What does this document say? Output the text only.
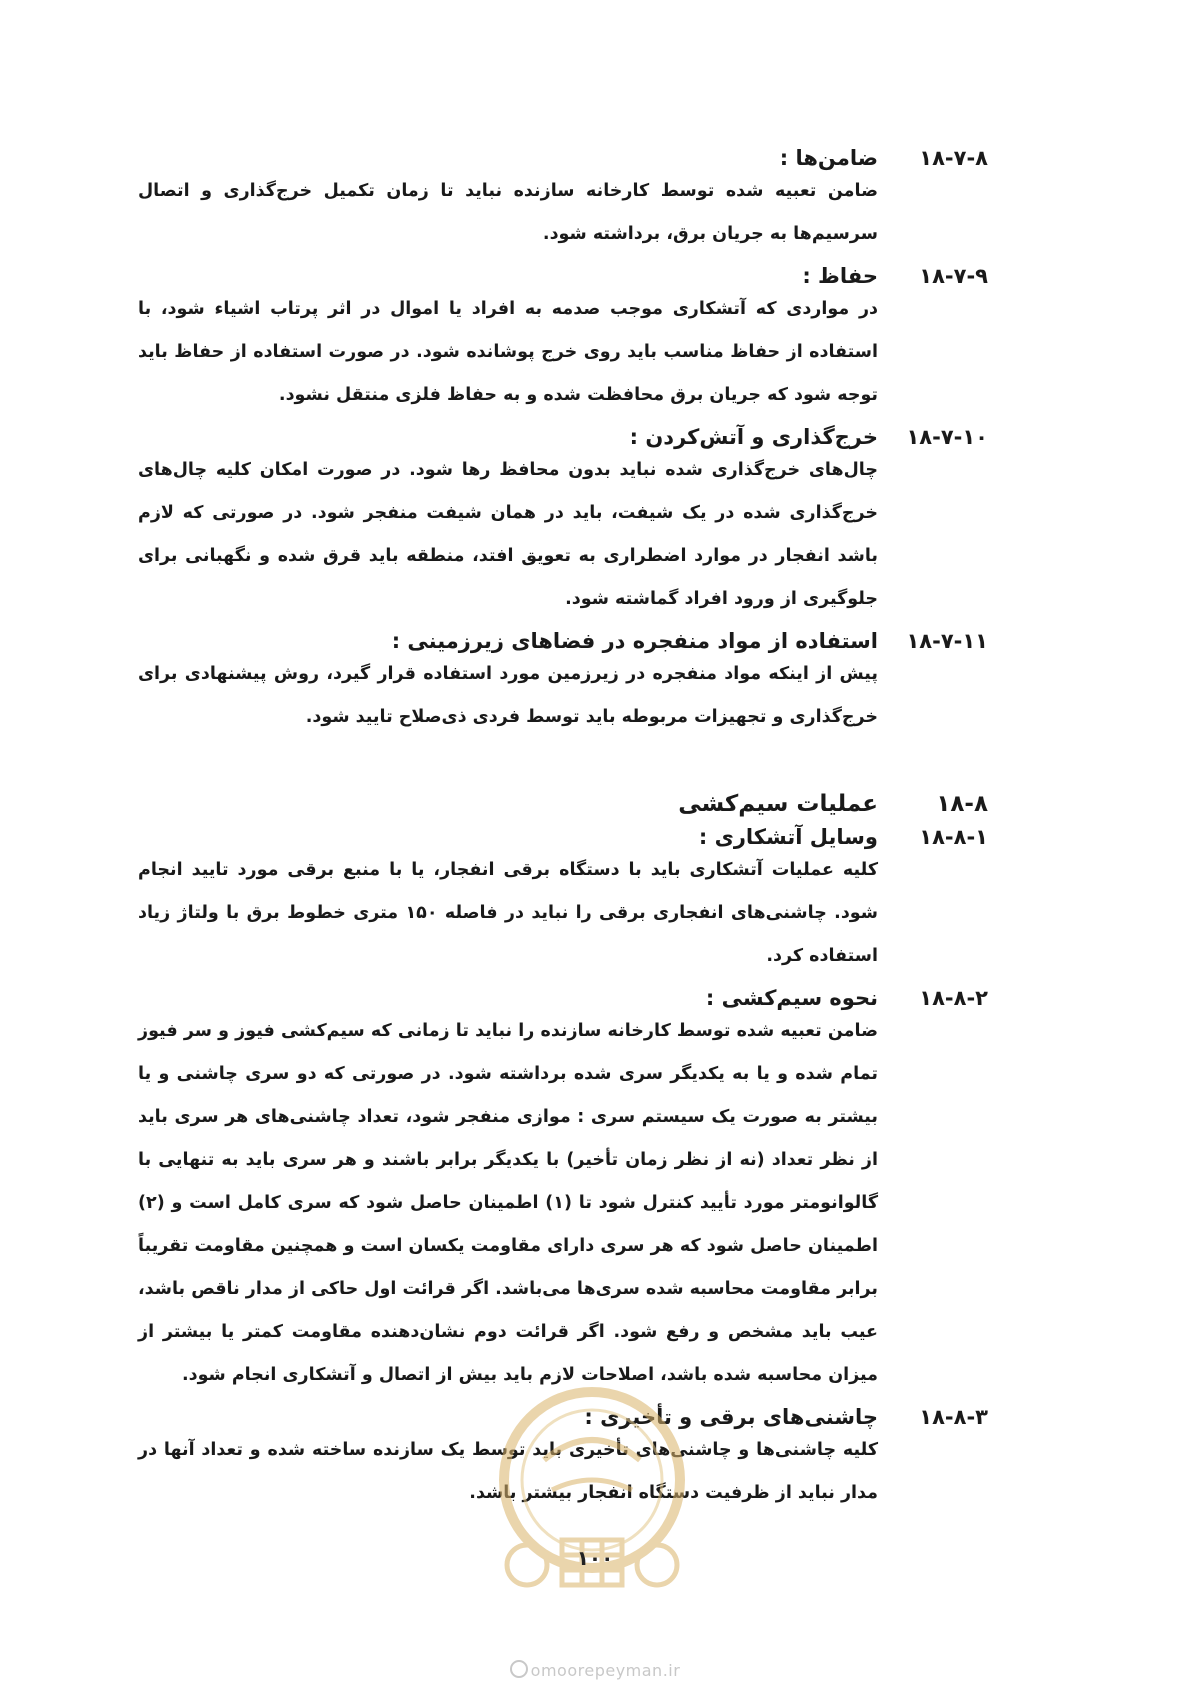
۱۸-۷-۸
ضامن‌ها :

ضامن تعبیه شده توسط کارخانه سازنده نباید تا زمان تکمیل خرج‌گذاری و اتصال سرسیم‌ها به جریان برق، برداشته شود.

۱۸-۷-۹
حفاظ :

در مواردی که آتشکاری موجب صدمه به افراد یا اموال در اثر پرتاب اشیاء شود، با استفاده از حفاظ مناسب باید روی خرج پوشانده شود. در صورت استفاده از حفاظ باید توجه شود که جریان برق محافظت شده و به حفاظ فلزی منتقل نشود.

۱۸-۷-۱۰
خرج‌گذاری و آتش‌کردن :

چال‌های خرج‌گذاری شده نباید بدون محافظ رها شود. در صورت امکان کلیه چال‌های خرج‌گذاری شده در یک شیفت، باید در همان شیفت منفجر شود. در صورتی که لازم باشد انفجار در موارد اضطراری به تعویق افتد، منطقه باید قرق شده و نگهبانی برای جلوگیری از ورود افراد گماشته شود.

۱۸-۷-۱۱
استفاده از مواد منفجره در فضاهای زیرزمینی :

پیش از اینکه مواد منفجره در زیرزمین مورد استفاده قرار گیرد، روش پیشنهادی برای خرج‌گذاری و تجهیزات مربوطه باید توسط فردی ذی‌صلاح تایید شود.

۱۸-۸
عملیات سیم‌کشی
۱۸-۸-۱
وسایل آتشکاری :

کلیه عملیات آتشکاری باید با دستگاه برقی انفجار، یا با منبع برقی مورد تایید انجام شود. چاشنی‌های انفجاری برقی را نباید در فاصله ۱۵۰ متری خطوط برق با ولتاژ زیاد استفاده کرد.

۱۸-۸-۲
نحوه سیم‌کشی :

ضامن تعبیه شده توسط کارخانه سازنده را نباید تا زمانی که سیم‌کشی فیوز و سر فیوز تمام شده و یا به یکدیگر سری شده برداشته شود. در صورتی که دو سری چاشنی و یا بیشتر به صورت یک سیستم سری : موازی منفجر شود، تعداد چاشنی‌های هر سری باید از نظر تعداد (نه از نظر زمان تأخیر) با یکدیگر برابر باشند و هر سری باید به تنهایی با گالوانومتر مورد تأیید کنترل شود تا (۱) اطمینان حاصل شود که سری کامل است و (۲) اطمینان حاصل شود که هر سری دارای مقاومت یکسان است و همچنین مقاومت تقریباً برابر مقاومت محاسبه شده سری‌ها می‌باشد. اگر قرائت اول حاکی از مدار ناقص باشد، عیب باید مشخص و رفع شود. اگر قرائت دوم نشان‌دهنده مقاومت کمتر یا بیشتر از میزان محاسبه شده باشد، اصلاحات لازم باید بیش از اتصال و آتشکاری انجام شود.

۱۸-۸-۳
چاشنی‌های برقی و تأخیری :

کلیه چاشنی‌ها و چاشنی‌های تأخیری باید توسط یک سازنده ساخته شده و تعداد آنها در مدار نباید از ظرفیت دستگاه انفجار بیشتر باشد.

۱۰۰
omoorepeyman.ir
